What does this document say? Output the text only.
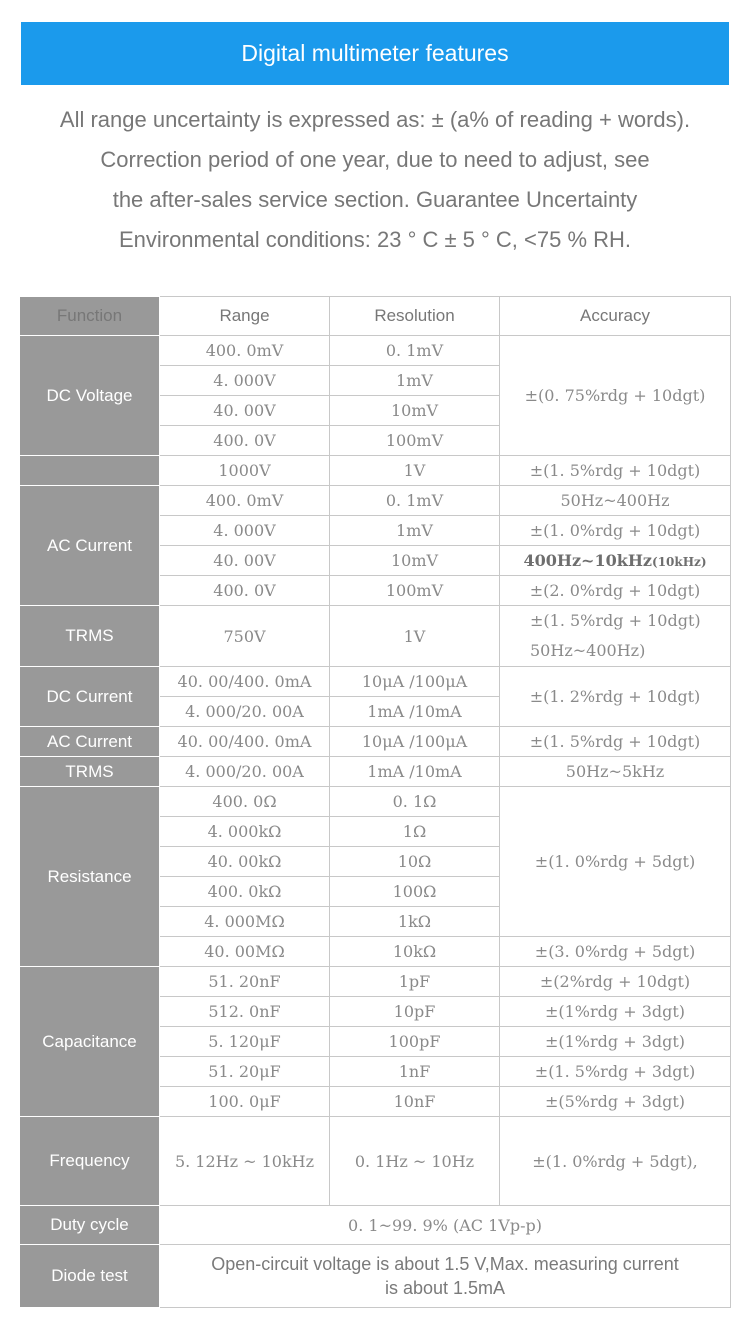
Digital multimeter features
All range uncertainty is expressed as: ± (a% of reading + words).
Correction period of one year, due to need to adjust, see
the after-sales service section. Guarantee Uncertainty
Environmental conditions: 23 ° C ± 5 ° C, <75 % RH.
Function	Range	Resolution	Accuracy
DC Voltage	400. 0mV	0. 1mV	±(0. 75%rdg + 10dgt)
	4. 000V	1mV	
	40. 00V	10mV	
	400. 0V	100mV	
	1000V	1V	±(1. 5%rdg + 10dgt)
AC Current	400. 0mV	0. 1mV	50Hz~400Hz
	4. 000V	1mV	±(1. 0%rdg + 10dgt)
	40. 00V	10mV	400Hz~10kHz(10kHz)
	400. 0V	100mV	±(2. 0%rdg + 10dgt)
TRMS	750V	1V	±(1. 5%rdg + 10dgt)
50Hz~400Hz)

DC Current	40. 00/400. 0mA	10μA /100μA	±(1. 2%rdg + 10dgt)
	4. 000/20. 00A	1mA /10mA	
AC Current	40. 00/400. 0mA	10μA /100μA	±(1. 5%rdg + 10dgt)
TRMS	4. 000/20. 00A	1mA /10mA	50Hz~5kHz
Resistance	400. 0Ω	0. 1Ω	±(1. 0%rdg + 5dgt)
	4. 000kΩ	1Ω	
	40. 00kΩ	10Ω	
	400. 0kΩ	100Ω	
	4. 000MΩ	1kΩ	
	40. 00MΩ	10kΩ	±(3. 0%rdg + 5dgt)
Capacitance	51. 20nF	1pF	±(2%rdg + 10dgt)
	512. 0nF	10pF	±(1%rdg + 3dgt)
	5. 120μF	100pF	±(1%rdg + 3dgt)
	51. 20μF	1nF	±(1. 5%rdg + 3dgt)
	100. 0μF	10nF	±(5%rdg + 3dgt)
Frequency	5. 12Hz ~ 10kHz	0. 1Hz ~ 10Hz	±(1. 0%rdg + 5dgt),
Duty cycle	0. 1~99. 9% (AC 1Vp-p)		
Diode test	Open-circuit voltage is about 1.5 V,Max. measuring current
is about 1.5mA		
